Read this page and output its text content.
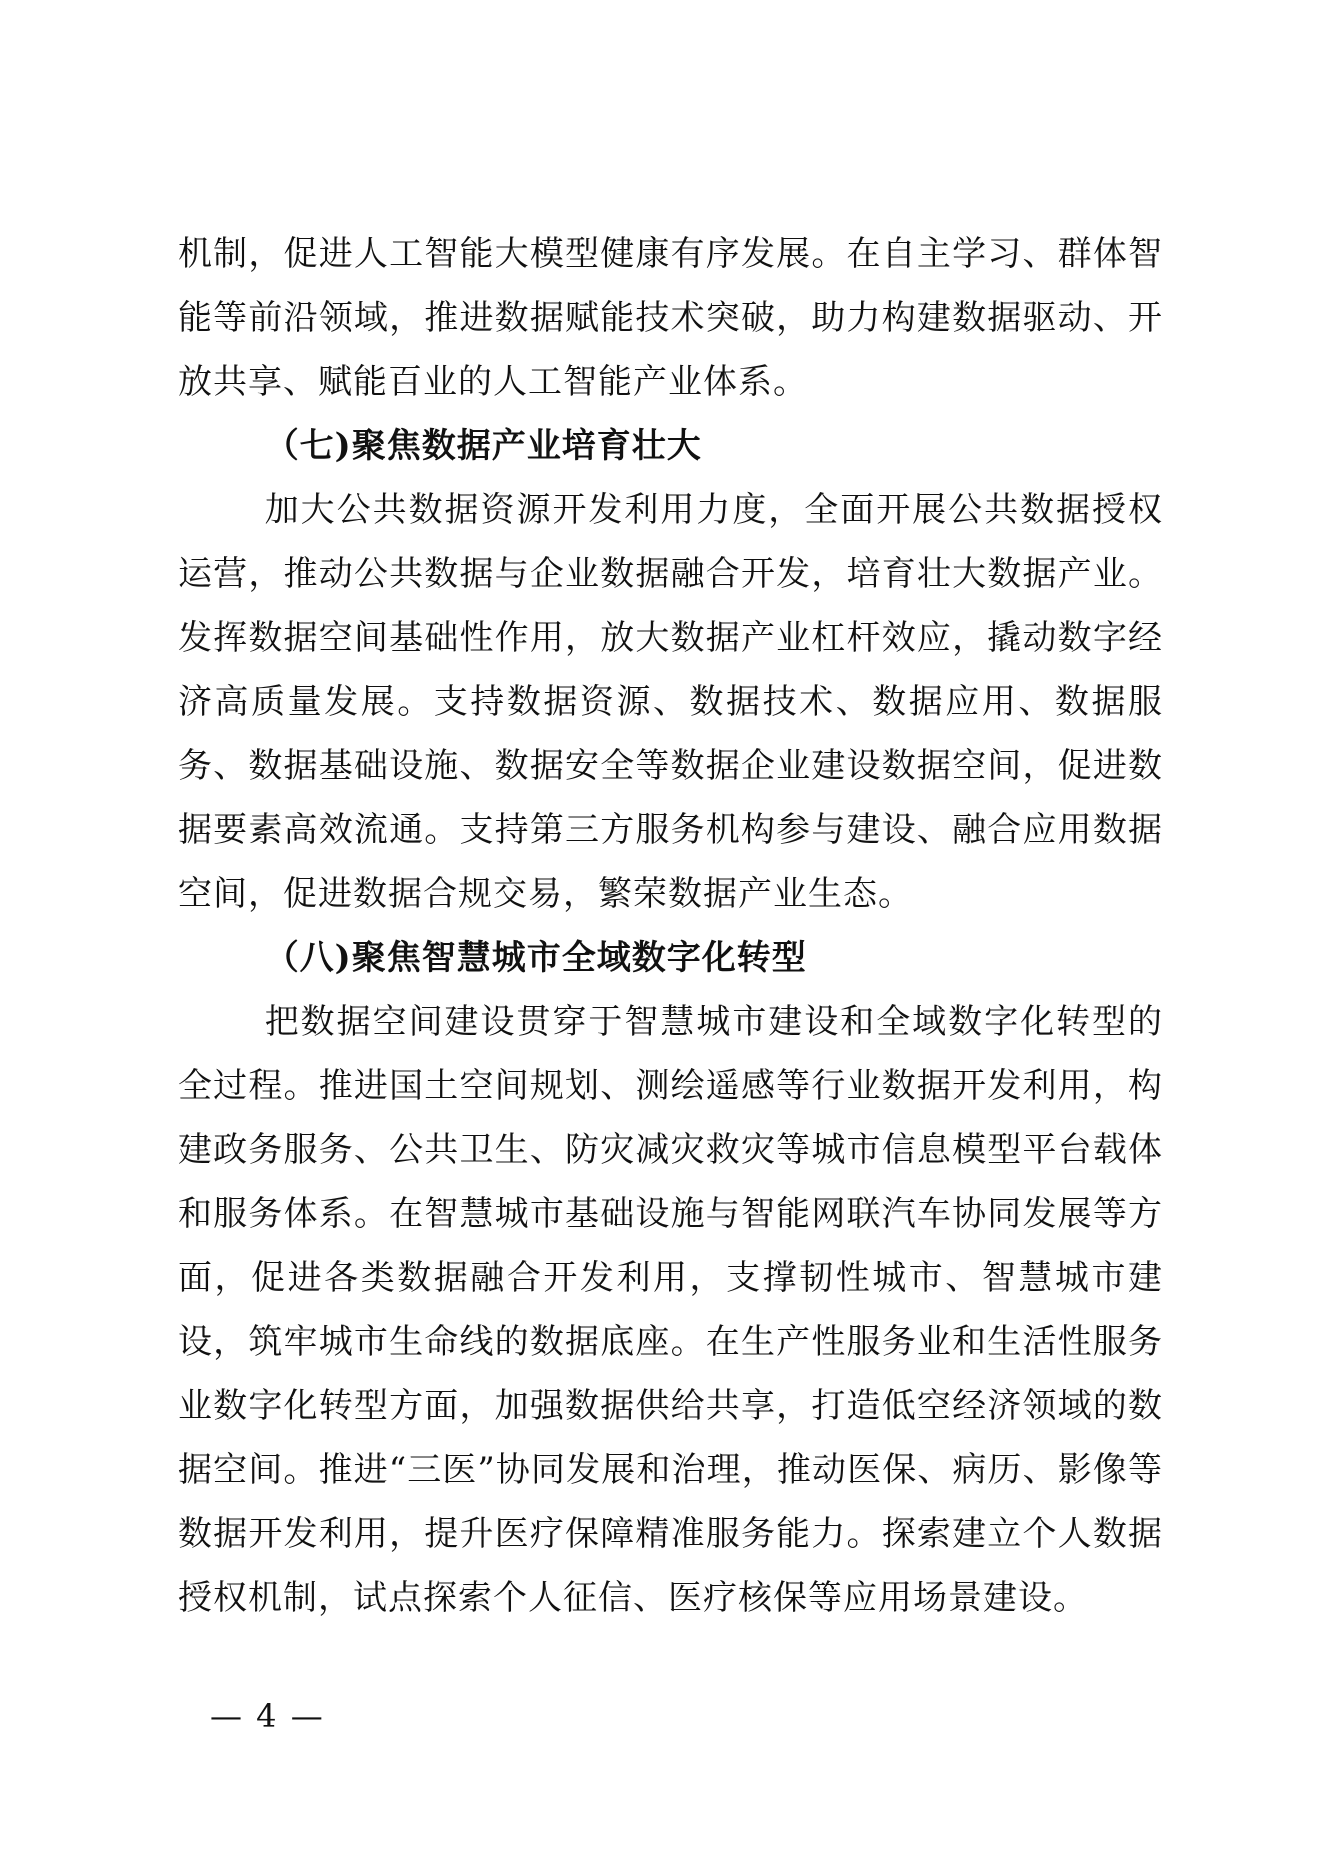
机制，促进人工智能大模型健康有序发展。在自主学习、群体智能等前沿领域，推进数据赋能技术突破，助力构建数据驱动、开放共享、赋能百业的人工智能产业体系。

（七)聚焦数据产业培育壮大

加大公共数据资源开发利用力度，全面开展公共数据授权运营，推动公共数据与企业数据融合开发，培育壮大数据产业。发挥数据空间基础性作用，放大数据产业杠杆效应，撬动数字经济高质量发展。支持数据资源、数据技术、数据应用、数据服务、数据基础设施、数据安全等数据企业建设数据空间，促进数据要素高效流通。支持第三方服务机构参与建设、融合应用数据空间，促进数据合规交易，繁荣数据产业生态。

（八)聚焦智慧城市全域数字化转型

把数据空间建设贯穿于智慧城市建设和全域数字化转型的全过程。推进国土空间规划、测绘遥感等行业数据开发利用，构建政务服务、公共卫生、防灾减灾救灾等城市信息模型平台载体和服务体系。在智慧城市基础设施与智能网联汽车协同发展等方面，促进各类数据融合开发利用，支撑韧性城市、智慧城市建设，筑牢城市生命线的数据底座。在生产性服务业和生活性服务业数字化转型方面，加强数据供给共享，打造低空经济领域的数据空间。推进“三医”协同发展和治理，推动医保、病历、影像等数据开发利用，提升医疗保障精准服务能力。探索建立个人数据授权机制，试点探索个人征信、医疗核保等应用场景建设。

— 4 —
